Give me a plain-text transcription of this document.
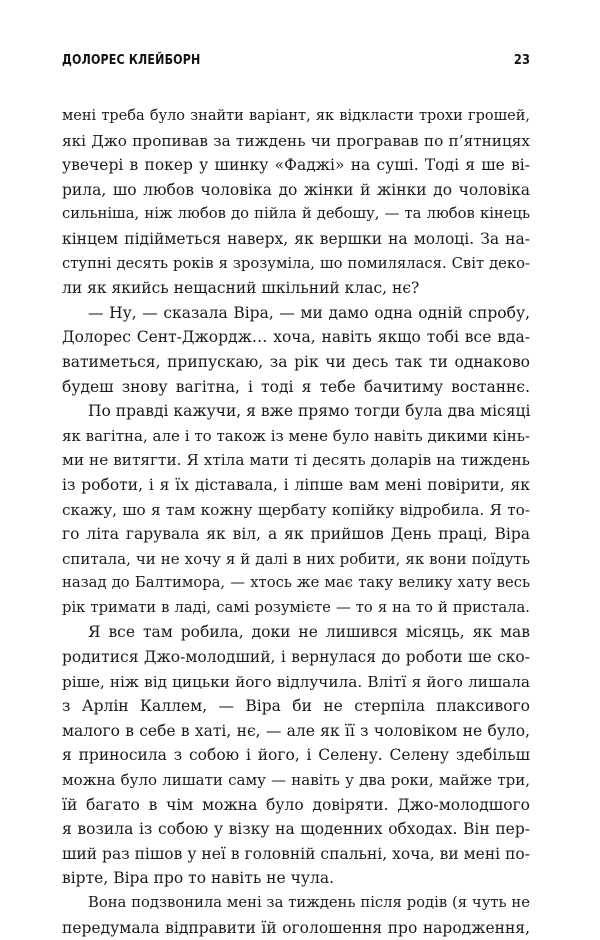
ДОЛОРЕС КЛЕЙБОРН	23
мені треба було знайти варіант, як відкласти трохи грошей,
які Джо пропивав за тиждень чи програвав по п’ятницях
увечері в покер у шинку «Фаджі» на суші. Тоді я ше ві-
рила, шо любов чоловіка до жінки й жінки до чоловіка
сильніша, ніж любов до пійла й дебошу, — та любов кінець
кінцем підійметься наверх, як вершки на молоці. За на-
ступні десять років я зрозуміла, шо помилялася. Світ деко-
ли як якийсь нещасний шкільний клас, нє?
— Ну, — сказала Віра, — ми дамо одна одній спробу,
Долорес Сент-Джордж… хоча, навіть якщо тобі все вда-
ватиметься, припускаю, за рік чи десь так ти однаково
будеш знову вагітна, і тоді я тебе бачитиму востаннє.
По правді кажучи, я вже прямо тогди була два місяці
як вагітна, але і то також із мене було навіть дикими кінь-
ми не витягти. Я хтіла мати ті десять доларів на тиждень
із роботи, і я їх діставала, і ліпше вам мені повірити, як
скажу, шо я там кожну щербату копійку відробила. Я то-
го літа гарувала як віл, а як прийшов День праці, Віра
спитала, чи не хочу я й далі в них робити, як вони поїдуть
назад до Балтимора, — хтось же має таку велику хату весь
рік тримати в ладі, самі розумієте — то я на то й пристала.
Я все там робила, доки не лишився місяць, як мав
родитися Джо-молодший, і вернулася до роботи ше ско-
ріше, ніж від цицьки його відлучила. Влітї я його лишала
з Арлін Каллем, — Віра би не стерпіла плаксивого
малого в себе в хаті, нє, — але як її з чоловіком не було,
я приносила з собою і його, і Селену. Селену здебільш
можна було лишати саму — навіть у два роки, майже три,
їй багато в чім можна було довіряти. Джо-молодшого
я возила із собою у візку на щоденних обходах. Він пер-
ший раз пішов у неї в головній спальні, хоча, ви мені по-
вірте, Віра про то навіть не чула.
Вона подзвонила мені за тиждень після родів (я чуть не
передумала відправити їй оголошення про народження,
